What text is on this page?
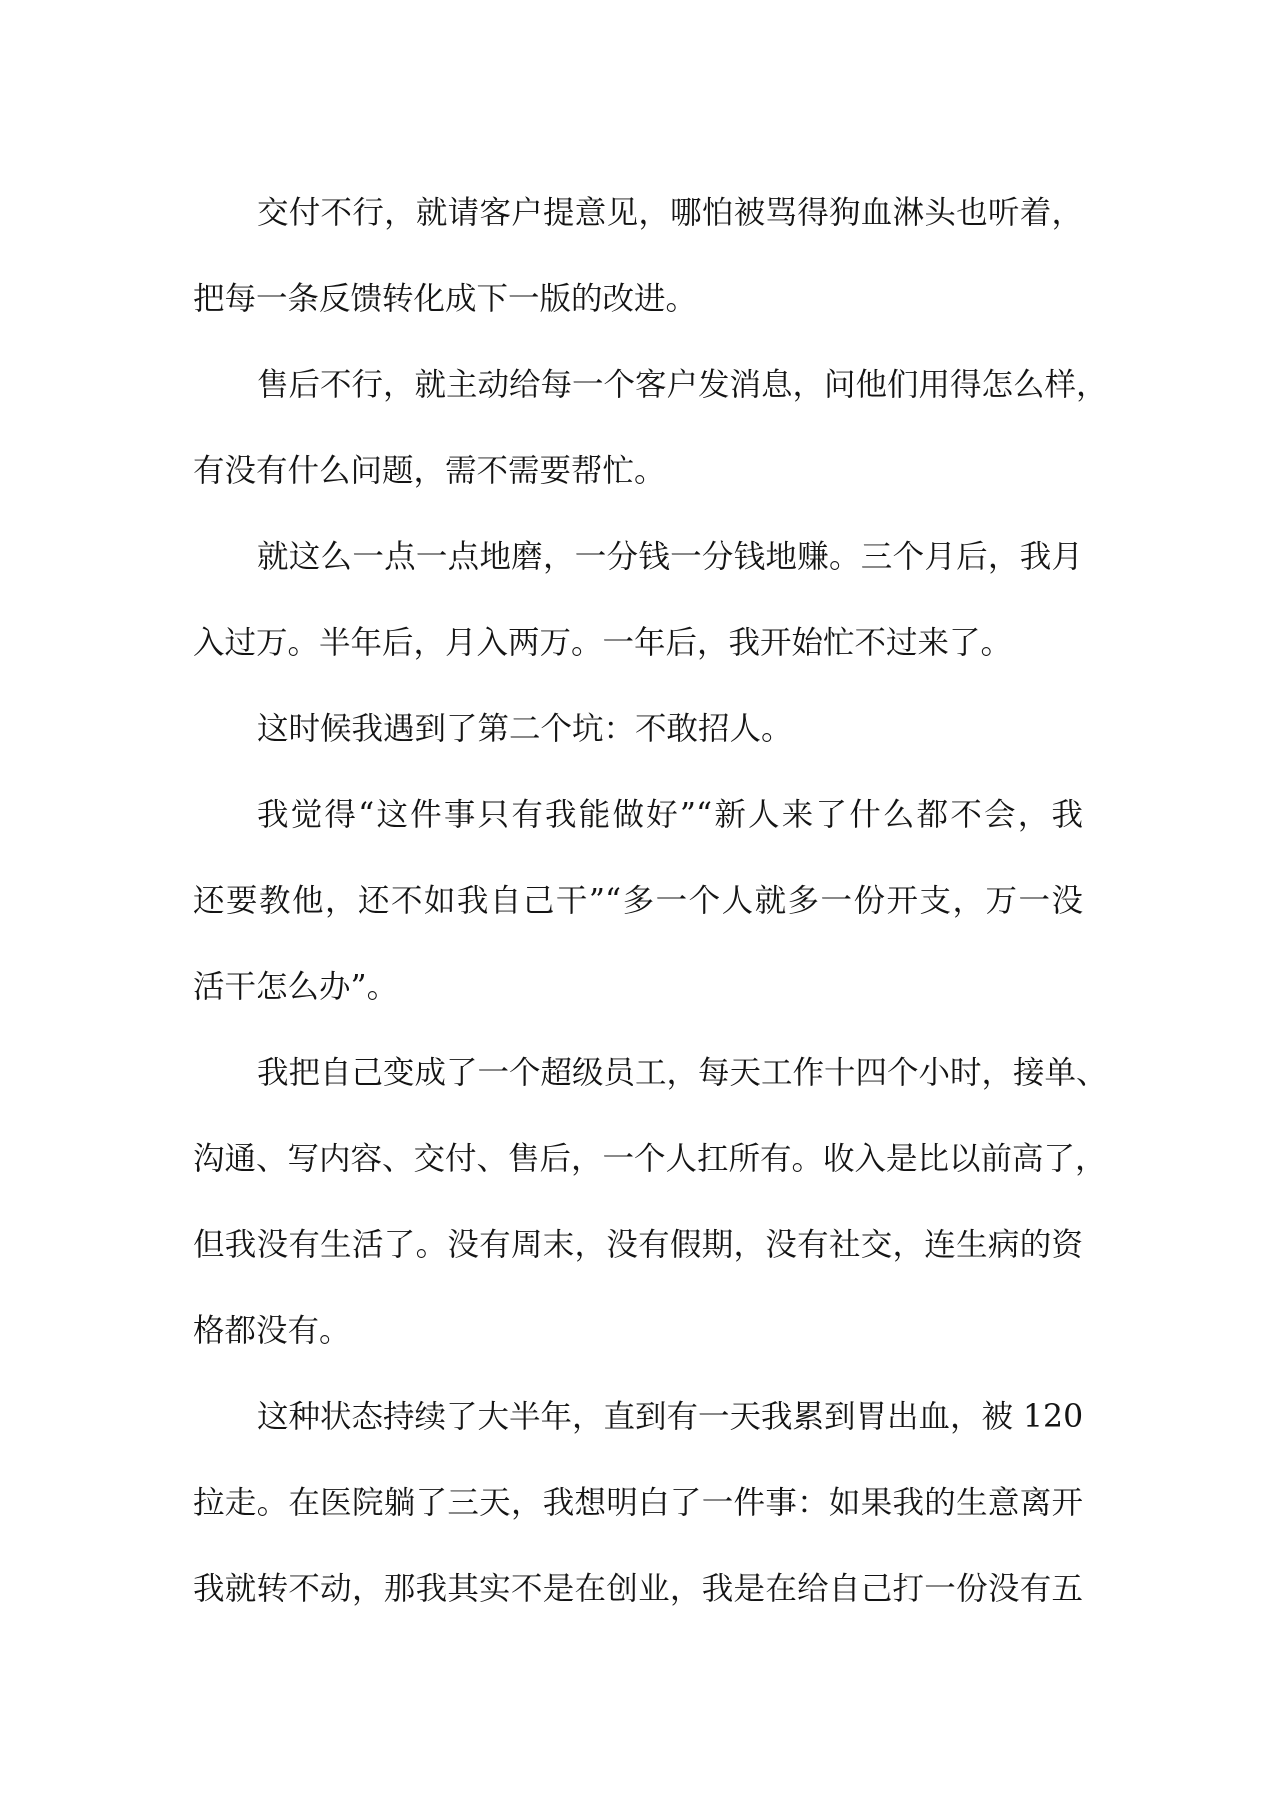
交付不行，就请客户提意见，哪怕被骂得狗血淋头也听着，
把每一条反馈转化成下一版的改进。
售后不行，就主动给每一个客户发消息，问他们用得怎么样，
有没有什么问题，需不需要帮忙。
就这么一点一点地磨，一分钱一分钱地赚。三个月后，我月
入过万。半年后，月入两万。一年后，我开始忙不过来了。
这时候我遇到了第二个坑：不敢招人。
我觉得“这件事只有我能做好”“新人来了什么都不会，我
还要教他，还不如我自己干”“多一个人就多一份开支，万一没
活干怎么办”。
我把自己变成了一个超级员工，每天工作十四个小时，接单、
沟通、写内容、交付、售后，一个人扛所有。收入是比以前高了，
但我没有生活了。没有周末，没有假期，没有社交，连生病的资
格都没有。
这种状态持续了大半年，直到有一天我累到胃出血，被 120
拉走。在医院躺了三天，我想明白了一件事：如果我的生意离开
我就转不动，那我其实不是在创业，我是在给自己打一份没有五
